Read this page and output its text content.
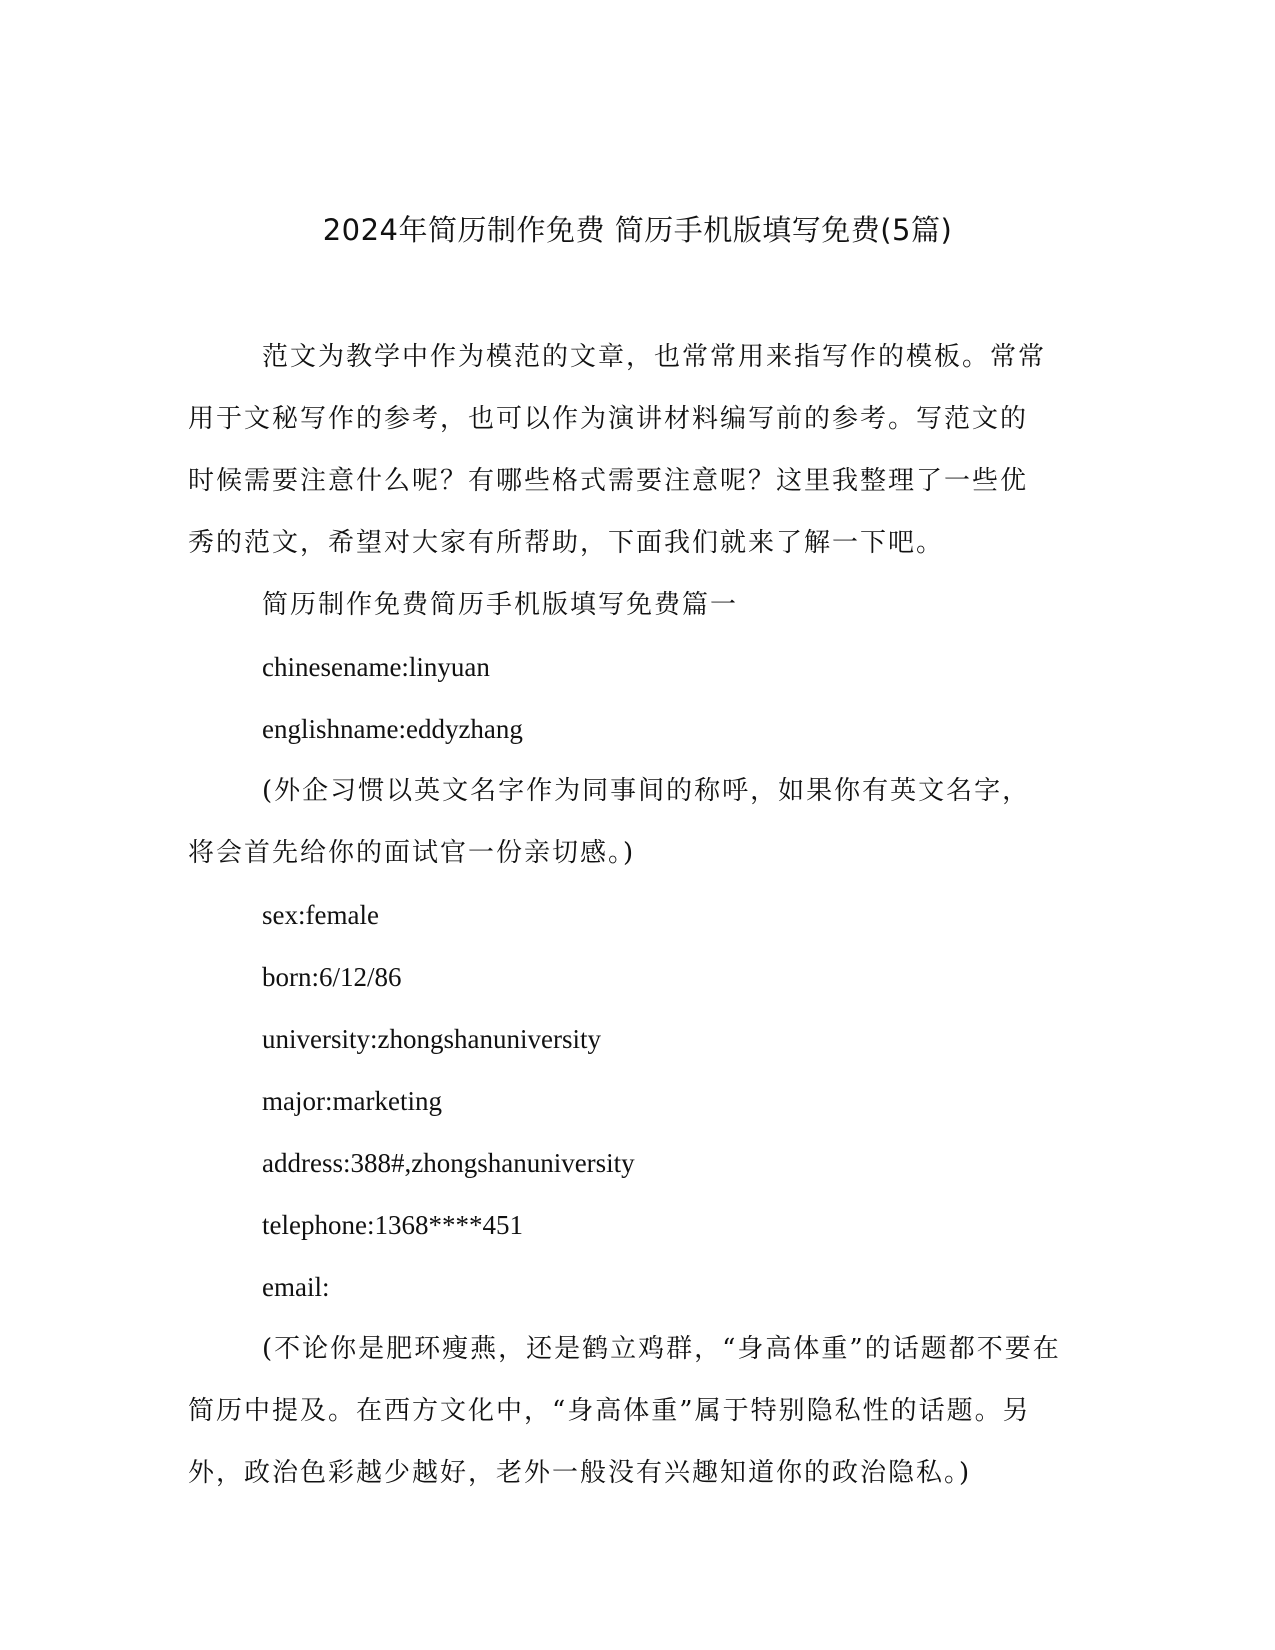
2024年简历制作免费 简历手机版填写免费(5篇)
范文为教学中作为模范的文章，也常常用来指写作的模板。常常
用于文秘写作的参考，也可以作为演讲材料编写前的参考。写范文的
时候需要注意什么呢？有哪些格式需要注意呢？这里我整理了一些优
秀的范文，希望对大家有所帮助，下面我们就来了解一下吧。
简历制作免费简历手机版填写免费篇一
chinesename:linyuan
englishname:eddyzhang
(外企习惯以英文名字作为同事间的称呼，如果你有英文名字，
将会首先给你的面试官一份亲切感。)
sex:female
born:6/12/86
university:zhongshanuniversity
major:marketing
address:388#,zhongshanuniversity
telephone:1368****451
email:
(不论你是肥环瘦燕，还是鹤立鸡群，“身高体重”的话题都不要在
简历中提及。在西方文化中，“身高体重”属于特别隐私性的话题。另
外，政治色彩越少越好，老外一般没有兴趣知道你的政治隐私。)
